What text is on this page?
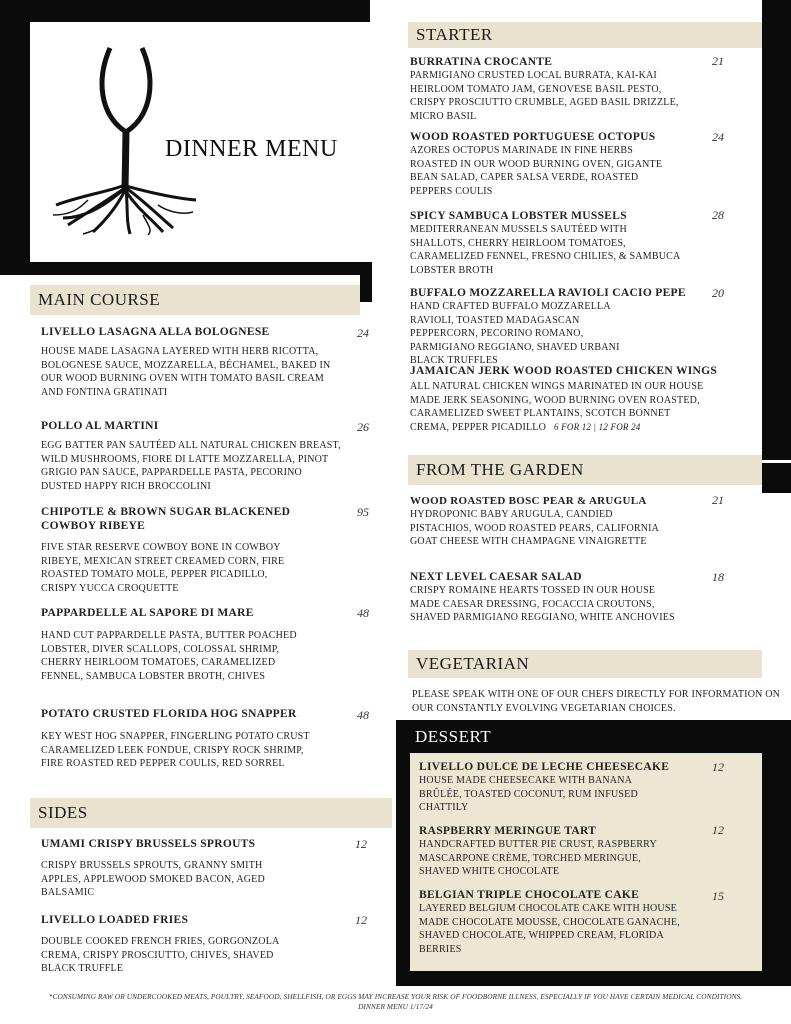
DINNER MENU
MAIN COURSE
LIVELLO LASAGNA ALLA BOLOGNESE
HOUSE MADE LASAGNA LAYERED WITH HERB RICOTTA, BOLOGNESE SAUCE, MOZZARELLA, BÉCHAMEL, BAKED IN OUR WOOD BURNING OVEN WITH TOMATO BASIL CREAM AND FONTINA GRATINATI
24
POLLO AL MARTINI
EGG BATTER PAN SAUTÉED ALL NATURAL CHICKEN BREAST, WILD MUSHROOMS, FIORE DI LATTE MOZZARELLA, PINOT GRIGIO PAN SAUCE, PAPPARDELLE PASTA, PECORINO DUSTED HAPPY RICH BROCCOLINI
26
CHIPOTLE & BROWN SUGAR BLACKENED COWBOY RIBEYE
FIVE STAR RESERVE COWBOY BONE IN COWBOY RIBEYE, MEXICAN STREET CREAMED CORN, FIRE ROASTED TOMATO MOLE, PEPPER PICADILLO, CRISPY YUCCA CROQUETTE
95
PAPPARDELLE AL SAPORE DI MARE
HAND CUT PAPPARDELLE PASTA, BUTTER POACHED LOBSTER, DIVER SCALLOPS, COLOSSAL SHRIMP, CHERRY HEIRLOOM TOMATOES, CARAMELIZED FENNEL, SAMBUCA LOBSTER BROTH, CHIVES
48
POTATO CRUSTED FLORIDA HOG SNAPPER
KEY WEST HOG SNAPPER, FINGERLING POTATO CRUST CARAMELIZED LEEK FONDUE, CRISPY ROCK SHRIMP, FIRE ROASTED RED PEPPER COULIS, RED SORREL
48
SIDES
UMAMI CRISPY BRUSSELS SPROUTS
CRISPY BRUSSELS SPROUTS, GRANNY SMITH APPLES, APPLEWOOD SMOKED BACON, AGED BALSAMIC
12
LIVELLO LOADED FRIES
DOUBLE COOKED FRENCH FRIES, GORGONZOLA CREMA, CRISPY PROSCIUTTO, CHIVES, SHAVED BLACK TRUFFLE
12
STARTER
BURRATINA CROCANTE
PARMIGIANO CRUSTED LOCAL BURRATA, KAI-KAI HEIRLOOM TOMATO JAM, GENOVESE BASIL PESTO, CRISPY PROSCIUTTO CRUMBLE, AGED BASIL DRIZZLE, MICRO BASIL
21
WOOD ROASTED PORTUGUESE OCTOPUS
AZORES OCTOPUS MARINADE IN FINE HERBS ROASTED IN OUR WOOD BURNING OVEN, GIGANTE BEAN SALAD, CAPER SALSA VERDE, ROASTED PEPPERS COULIS
24
SPICY SAMBUCA LOBSTER MUSSELS
MEDITERRANEAN MUSSELS SAUTÉED WITH SHALLOTS, CHERRY HEIRLOOM TOMATOES, CARAMELIZED FENNEL, FRESNO CHILIES, & SAMBUCA LOBSTER BROTH
28
BUFFALO MOZZARELLA RAVIOLI CACIO PEPE
HAND CRAFTED BUFFALO MOZZARELLA RAVIOLI, TOASTED MADAGASCAN PEPPERCORN, PECORINO ROMANO, PARMIGIANO REGGIANO, SHAVED URBANI BLACK TRUFFLES
20
JAMAICAN JERK WOOD ROASTED CHICKEN WINGS
ALL NATURAL CHICKEN WINGS MARINATED IN OUR HOUSE MADE JERK SEASONING, WOOD BURNING OVEN ROASTED, CARAMELIZED SWEET PLANTAINS, SCOTCH BONNET CREMA, PEPPER PICADILLO 6 FOR 12 | 12 FOR 24
FROM THE GARDEN
WOOD ROASTED BOSC PEAR & ARUGULA
HYDROPONIC BABY ARUGULA, CANDIED PISTACHIOS, WOOD ROASTED PEARS, CALIFORNIA GOAT CHEESE WITH CHAMPAGNE VINAIGRETTE
21
NEXT LEVEL CAESAR SALAD
CRISPY ROMAINE HEARTS TOSSED IN OUR HOUSE MADE CAESAR DRESSING, FOCACCIA CROUTONS, SHAVED PARMIGIANO REGGIANO, WHITE ANCHOVIES
18
VEGETARIAN
PLEASE SPEAK WITH ONE OF OUR CHEFS DIRECTLY FOR INFORMATION ON OUR CONSTANTLY EVOLVING VEGETARIAN CHOICES.
DESSERT
LIVELLO DULCE DE LECHE CHEESECAKE
HOUSE MADE CHEESECAKE WITH BANANA BRÛLÉE, TOASTED COCONUT, RUM INFUSED CHATTILY
12
RASPBERRY MERINGUE TART
HANDCRAFTED BUTTER PIE CRUST, RASPBERRY MASCARPONE CRÈME, TORCHED MERINGUE, SHAVED WHITE CHOCOLATE
12
BELGIAN TRIPLE CHOCOLATE CAKE
LAYERED BELGIUM CHOCOLATE CAKE WITH HOUSE MADE CHOCOLATE MOUSSE, CHOCOLATE GANACHE, SHAVED CHOCOLATE, WHIPPED CREAM, FLORIDA BERRIES
15
*CONSUMING RAW OR UNDERCOOKED MEATS, POULTRY, SEAFOOD, SHELLFISH, OR EGGS MAY INCREASE YOUR RISK OF FOODBORNE ILLNESS, ESPECIALLY IF YOU HAVE CERTAIN MEDICAL CONDITIONS. DINNER MENU 1/17/24
